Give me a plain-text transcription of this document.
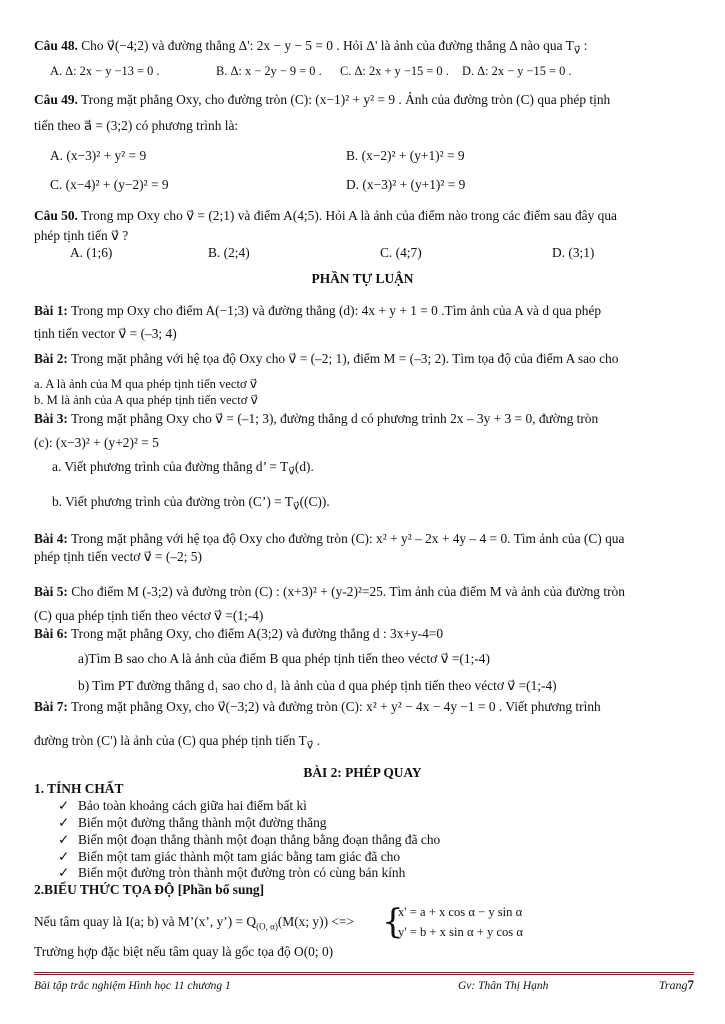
Câu 48. Cho v⃗(−4;2) và đường thẳng Δ': 2x − y − 5 = 0 . Hỏi Δ' là ảnh của đường thẳng Δ nào qua $T_{v⃗}$ :
A. Δ: 2x − y −13 = 0 .	B. Δ: x − 2y − 9 = 0 . C. Δ: 2x + y −15 = 0 . D. Δ: 2x − y −15 = 0 .
Câu 49. Trong mặt phẳng Oxy, cho đường tròn (C): (x−1)² + y² = 9 . Ảnh của đường tròn (C) qua phép tịnh
tiến theo a⃗ = (3;2) có phương trình là:
A. (x−3)² + y² = 9	B. (x−2)² + (y+1)² = 9
C. (x−4)² + (y−2)² = 9	D. (x−3)² + (y+1)² = 9
Câu 50. Trong mp Oxy cho v⃗ = (2;1) và điểm A(4;5). Hỏi A là ảnh của điểm nào trong các điểm sau đây qua
phép tịnh tiến v⃗ ?
A. (1;6)	B. (2;4)	C. (4;7)	D. (3;1)
PHẦN TỰ LUẬN
Bài 1: Trong mp Oxy cho điểm A(−1;3) và đường thẳng (d): 4x + y + 1 = 0 .Tìm ảnh của A và d qua phép
tịnh tiến vector v⃗ = (–3; 4)
Bài 2: Trong mặt phẳng với hệ tọa độ Oxy cho v⃗ = (–2; 1), điểm M = (–3; 2). Tìm tọa độ của điểm A sao cho
a. A là ảnh của M qua phép tịnh tiến vectơ v⃗
b. M là ảnh của A qua phép tịnh tiến vectơ v⃗
Bài 3: Trong mặt phẳng Oxy cho v⃗ = (–1; 3), đường thẳng d có phương trình 2x – 3y + 3 = 0, đường tròn
(c): (x−3)² + (y+2)² = 5
a. Viết phương trình của đường thẳng d’ = $T_{v⃗}(d)$.
b. Viết phương trình của đường tròn (C’) = $T_{v⃗}((C))$.
Bài 4: Trong mặt phẳng với hệ tọa độ Oxy cho đường tròn (C): x² + y² – 2x + 4y – 4 = 0. Tìm ảnh của (C) qua
phép tịnh tiến vectơ v⃗ = (–2; 5)
Bài 5: Cho điểm M (-3;2) và đường tròn (C) : (x+3)² + (y-2)²=25. Tìm ảnh của điểm M và ảnh của đường tròn
(C) qua phép tịnh tiến theo véctơ v⃗ =(1;-4)
Bài 6: Trong mặt phẳng Oxy, cho điểm A(3;2) và đường thẳng d : 3x+y-4=0
a)Tìm B sao cho A là ảnh của điểm B qua phép tịnh tiến theo véctơ v⃗ =(1;-4)
b) Tìm PT đường thẳng d₁ sao cho d₁ là ảnh của d qua phép tịnh tiến theo véctơ v⃗ =(1;-4)
Bài 7: Trong mặt phẳng Oxy, cho v⃗(−3;2) và đường tròn (C): x² + y² − 4x − 4y −1 = 0 . Viết phương trình
đường tròn (C') là ảnh của (C) qua phép tịnh tiến $T_{v⃗}$ .
BÀI 2: PHÉP QUAY
1. TÍNH CHẤT
✓ Bảo toàn khoảng cách giữa hai điểm bất kì
✓ Biến một đường thẳng thành một đường thẳng
✓ Biến một đoạn thẳng thành một đoạn thẳng bằng đoạn thẳng đã cho
✓ Biến một tam giác thành một tam giác bằng tam giác đã cho
✓ Biến một đường tròn thành một đường tròn có cùng bán kính
2.BIỂU THỨC TỌA ĐỘ [Phần bổ sung]
Nếu tâm quay là I(a; b) và M’(x’, y’) = $Q_{(O, \alpha)}(M(x$; y)) <=> {
x' = a + x cos α − y sin α
y' = b + x sin α + y cos α
Trường hợp đặc biệt nếu tâm quay là gốc tọa độ O(0; 0)
Bài tập trắc nghiệm Hình học 11 chương 1	Gv: Thân Thị Hạnh	Trang7
